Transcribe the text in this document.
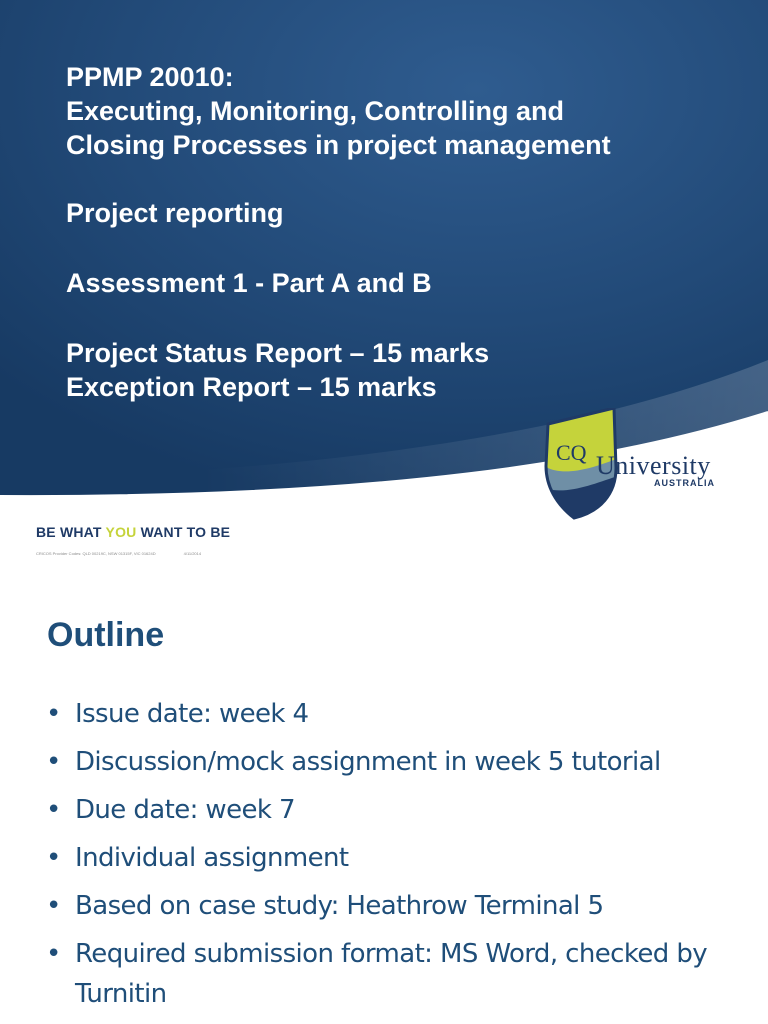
PPMP 20010:
Executing, Monitoring, Controlling and
Closing Processes in project management
Project reporting
Assessment 1 - Part A and B
Project Status Report – 15 marks
Exception Report – 15 marks
CQ University
AUSTRALIA
BE WHAT YOU WANT TO BE
CRICOS Provider Codes: QLD 00219C, NSW 01315F, VIC 01624D	4/11/2014
Outline
• Issue date: week 4
• Discussion/mock assignment in week 5 tutorial
• Due date: week 7
• Individual assignment
• Based on case study: Heathrow Terminal 5
• Required submission format: MS Word, checked by Turnitin
